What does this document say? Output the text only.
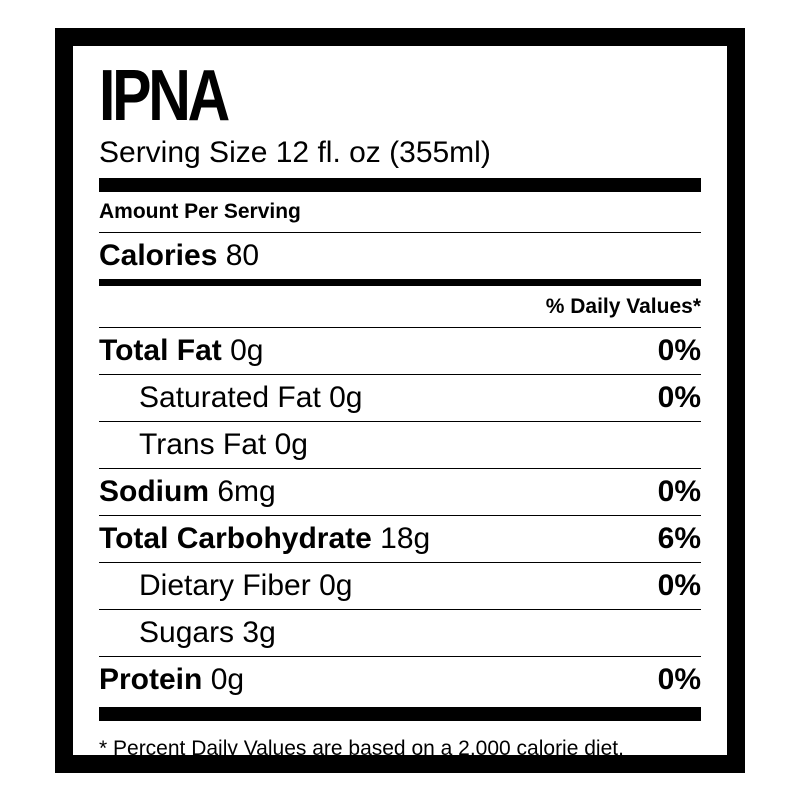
IPNA
Serving Size 12 fl. oz (355ml)
Amount Per Serving
Calories 80
% Daily Values*
Total Fat 0g	0%
Saturated Fat 0g	0%
Trans Fat 0g
Sodium 6mg	0%
Total Carbohydrate 18g	6%
Dietary Fiber 0g	0%
Sugars 3g
Protein 0g	0%
* Percent Daily Values are based on a 2,000 calorie diet.
